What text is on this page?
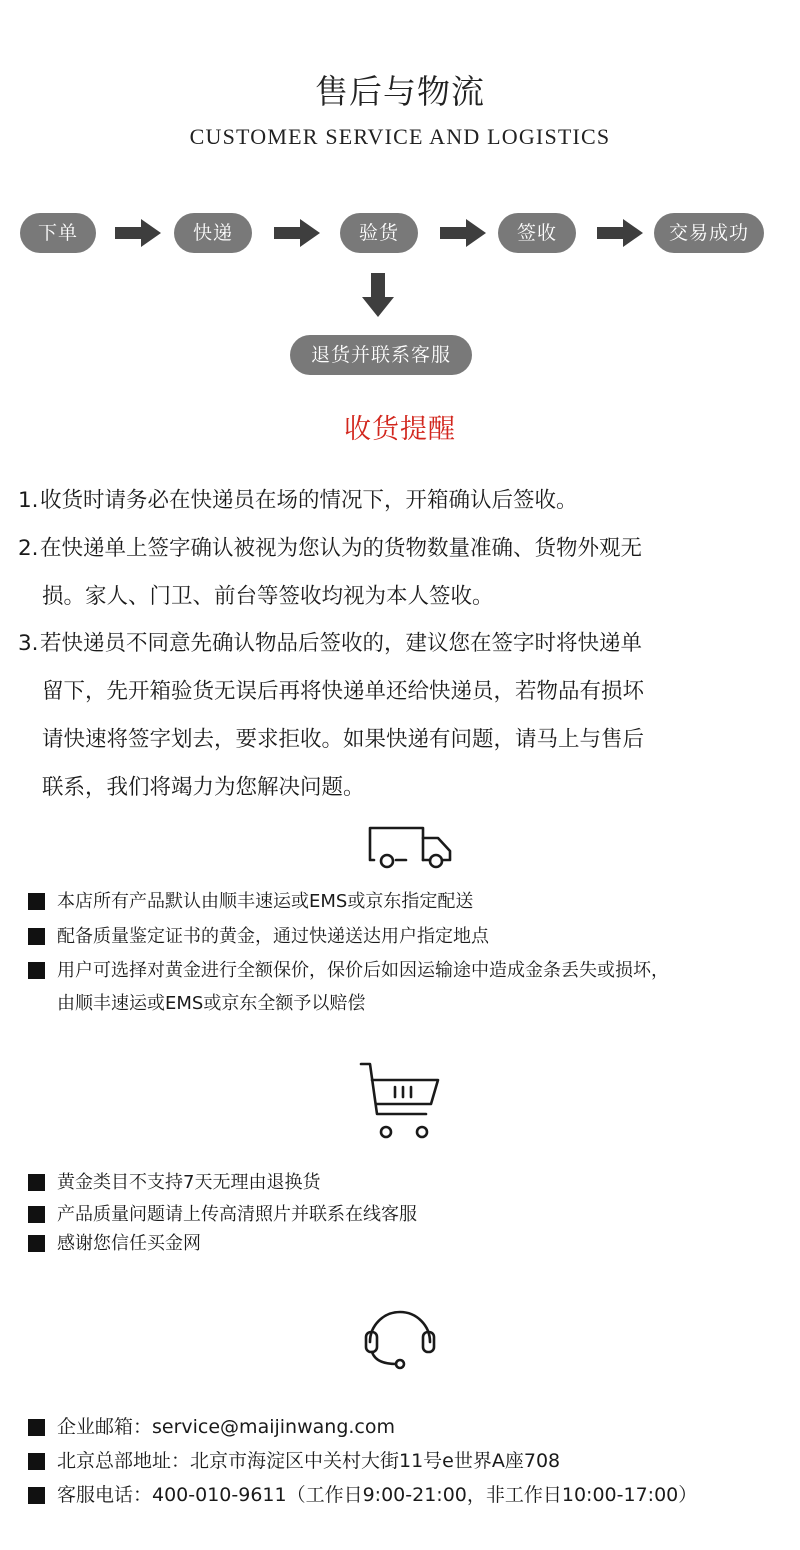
售后与物流
CUSTOMER SERVICE AND LOGISTICS
下单	快递	验货	签收	交易成功
退货并联系客服
收货提醒
1.收货时请务必在快递员在场的情况下，开箱确认后签收。
2.在快递单上签字确认被视为您认为的货物数量准确、货物外观无
损。家人、门卫、前台等签收均视为本人签收。
3.若快递员不同意先确认物品后签收的，建议您在签字时将快递单
留下，先开箱验货无误后再将快递单还给快递员，若物品有损坏
请快速将签字划去，要求拒收。如果快递有问题，请马上与售后
联系，我们将竭力为您解决问题。
本店所有产品默认由顺丰速运或EMS或京东指定配送
配备质量鉴定证书的黄金，通过快递送达用户指定地点
用户可选择对黄金进行全额保价，保价后如因运输途中造成金条丢失或损坏，
由顺丰速运或EMS或京东全额予以赔偿
黄金类目不支持7天无理由退换货
产品质量问题请上传高清照片并联系在线客服
感谢您信任买金网
企业邮箱：service@maijinwang.com
北京总部地址：北京市海淀区中关村大街11号e世界A座708
客服电话：400-010-9611（工作日9:00-21:00，非工作日10:00-17:00）
